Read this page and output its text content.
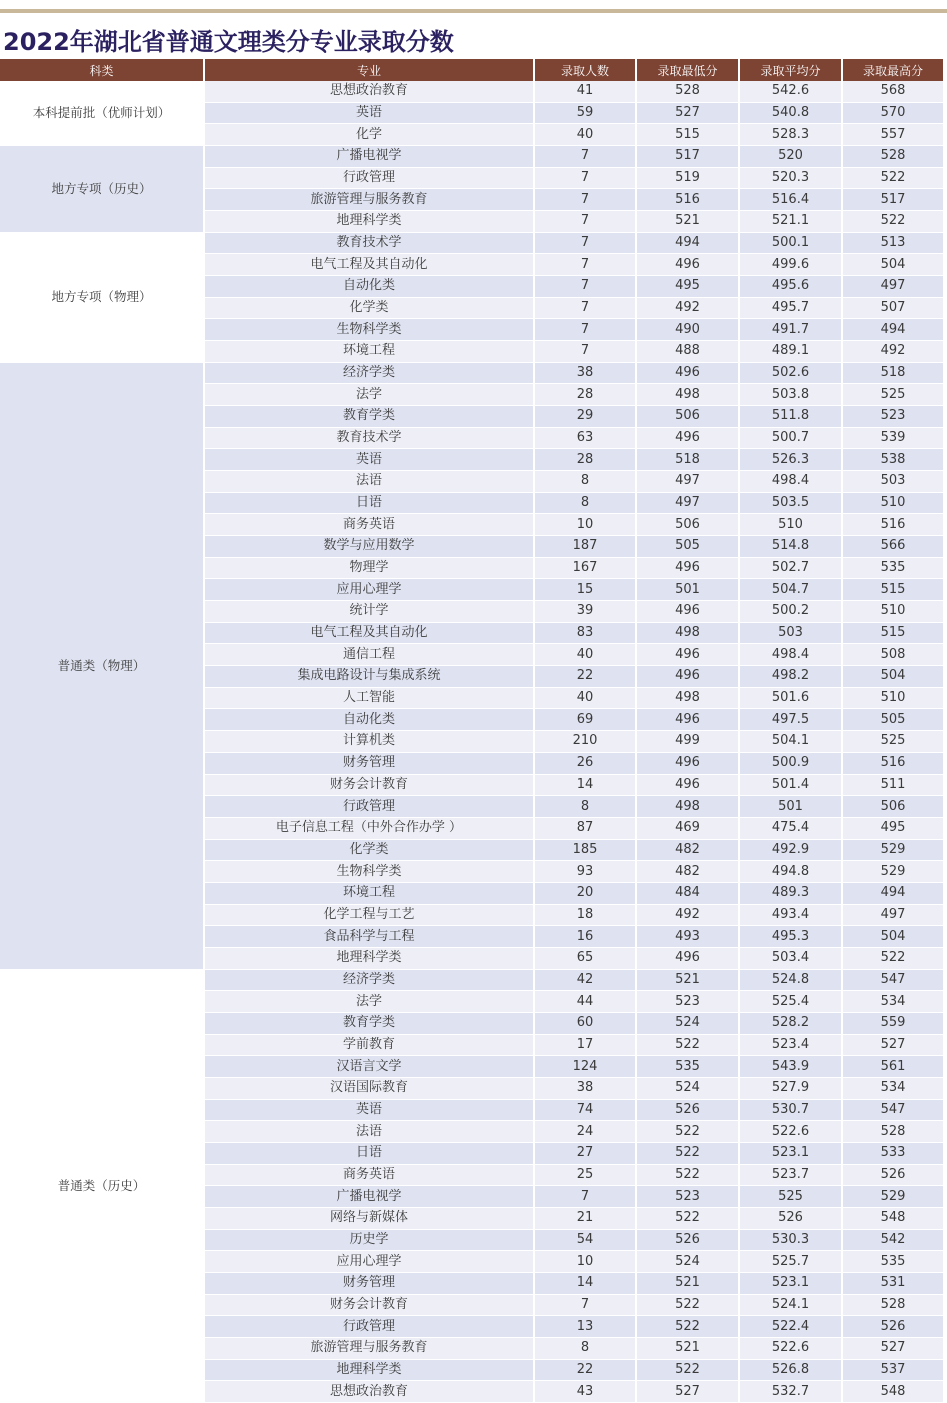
2022年湖北省普通文理类分专业录取分数
科类	专业	录取人数	录取最低分	录取平均分	录取最高分
本科提前批（优师计划）	思想政治教育	41	528	542.6	568
	英语	59	527	540.8	570
	化学	40	515	528.3	557
地方专项（历史）	广播电视学	7	517	520	528
	行政管理	7	519	520.3	522
	旅游管理与服务教育	7	516	516.4	517
	地理科学类	7	521	521.1	522
地方专项（物理）	教育技术学	7	494	500.1	513
	电气工程及其自动化	7	496	499.6	504
	自动化类	7	495	495.6	497
	化学类	7	492	495.7	507
	生物科学类	7	490	491.7	494
	环境工程	7	488	489.1	492
普通类（物理）	经济学类	38	496	502.6	518
	法学	28	498	503.8	525
	教育学类	29	506	511.8	523
	教育技术学	63	496	500.7	539
	英语	28	518	526.3	538
	法语	8	497	498.4	503
	日语	8	497	503.5	510
	商务英语	10	506	510	516
	数学与应用数学	187	505	514.8	566
	物理学	167	496	502.7	535
	应用心理学	15	501	504.7	515
	统计学	39	496	500.2	510
	电气工程及其自动化	83	498	503	515
	通信工程	40	496	498.4	508
	集成电路设计与集成系统	22	496	498.2	504
	人工智能	40	498	501.6	510
	自动化类	69	496	497.5	505
	计算机类	210	499	504.1	525
	财务管理	26	496	500.9	516
	财务会计教育	14	496	501.4	511
	行政管理	8	498	501	506
	电子信息工程（中外合作办学 ）	87	469	475.4	495
	化学类	185	482	492.9	529
	生物科学类	93	482	494.8	529
	环境工程	20	484	489.3	494
	化学工程与工艺	18	492	493.4	497
	食品科学与工程	16	493	495.3	504
	地理科学类	65	496	503.4	522
普通类（历史）	经济学类	42	521	524.8	547
	法学	44	523	525.4	534
	教育学类	60	524	528.2	559
	学前教育	17	522	523.4	527
	汉语言文学	124	535	543.9	561
	汉语国际教育	38	524	527.9	534
	英语	74	526	530.7	547
	法语	24	522	522.6	528
	日语	27	522	523.1	533
	商务英语	25	522	523.7	526
	广播电视学	7	523	525	529
	网络与新媒体	21	522	526	548
	历史学	54	526	530.3	542
	应用心理学	10	524	525.7	535
	财务管理	14	521	523.1	531
	财务会计教育	7	522	524.1	528
	行政管理	13	522	522.4	526
	旅游管理与服务教育	8	521	522.6	527
	地理科学类	22	522	526.8	537
	思想政治教育	43	527	532.7	548
